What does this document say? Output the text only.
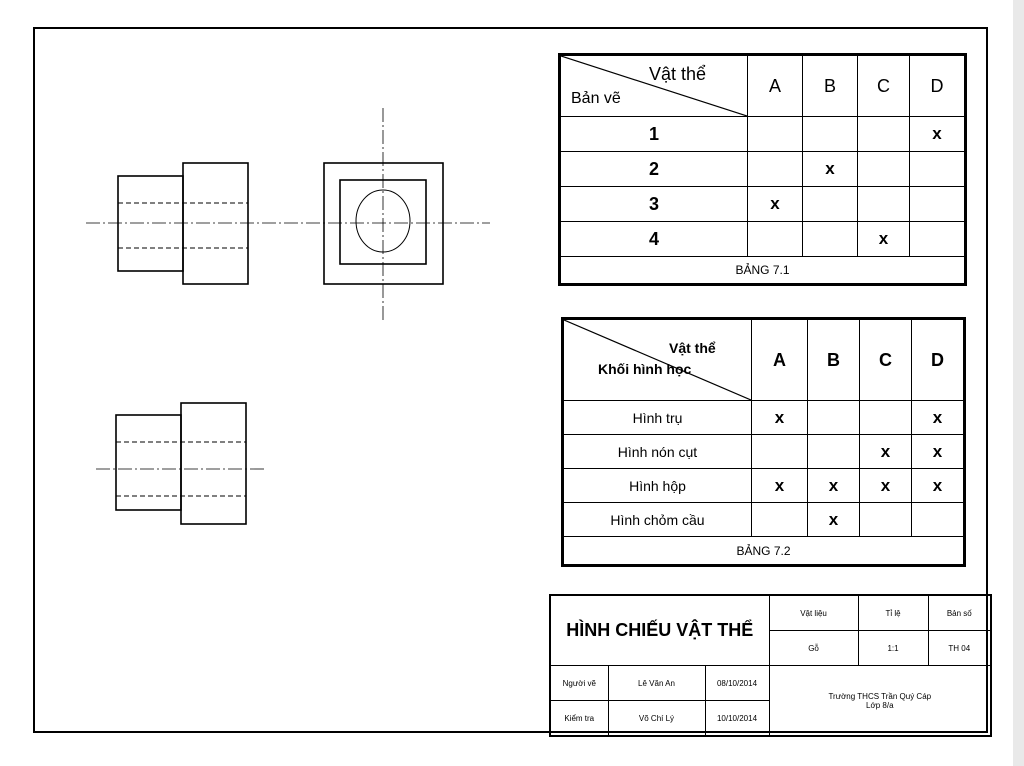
Vật thể
Bản vẽ	A	B	C	D
1				x
2		x		
3	x			
4			x	
BẢNG 7.1				
Vật thể
Khối hình học	A	B	C	D
Hình trụ	x			x
Hình nón cụt			x	x
Hình hộp	x	x	x	x
Hình chỏm cầu		x		
BẢNG 7.2				
HÌNH CHIẾU VẬT THỂ			Vật liệu	Tỉ lệ	Bản số
			Gỗ	1:1	TH 04
Người vẽ	Lê Văn An	08/10/2014	Trường THCS Trần Quý Cáp
Lớp 8/a		

Kiểm tra	Võ Chí Lý	10/10/2014			
